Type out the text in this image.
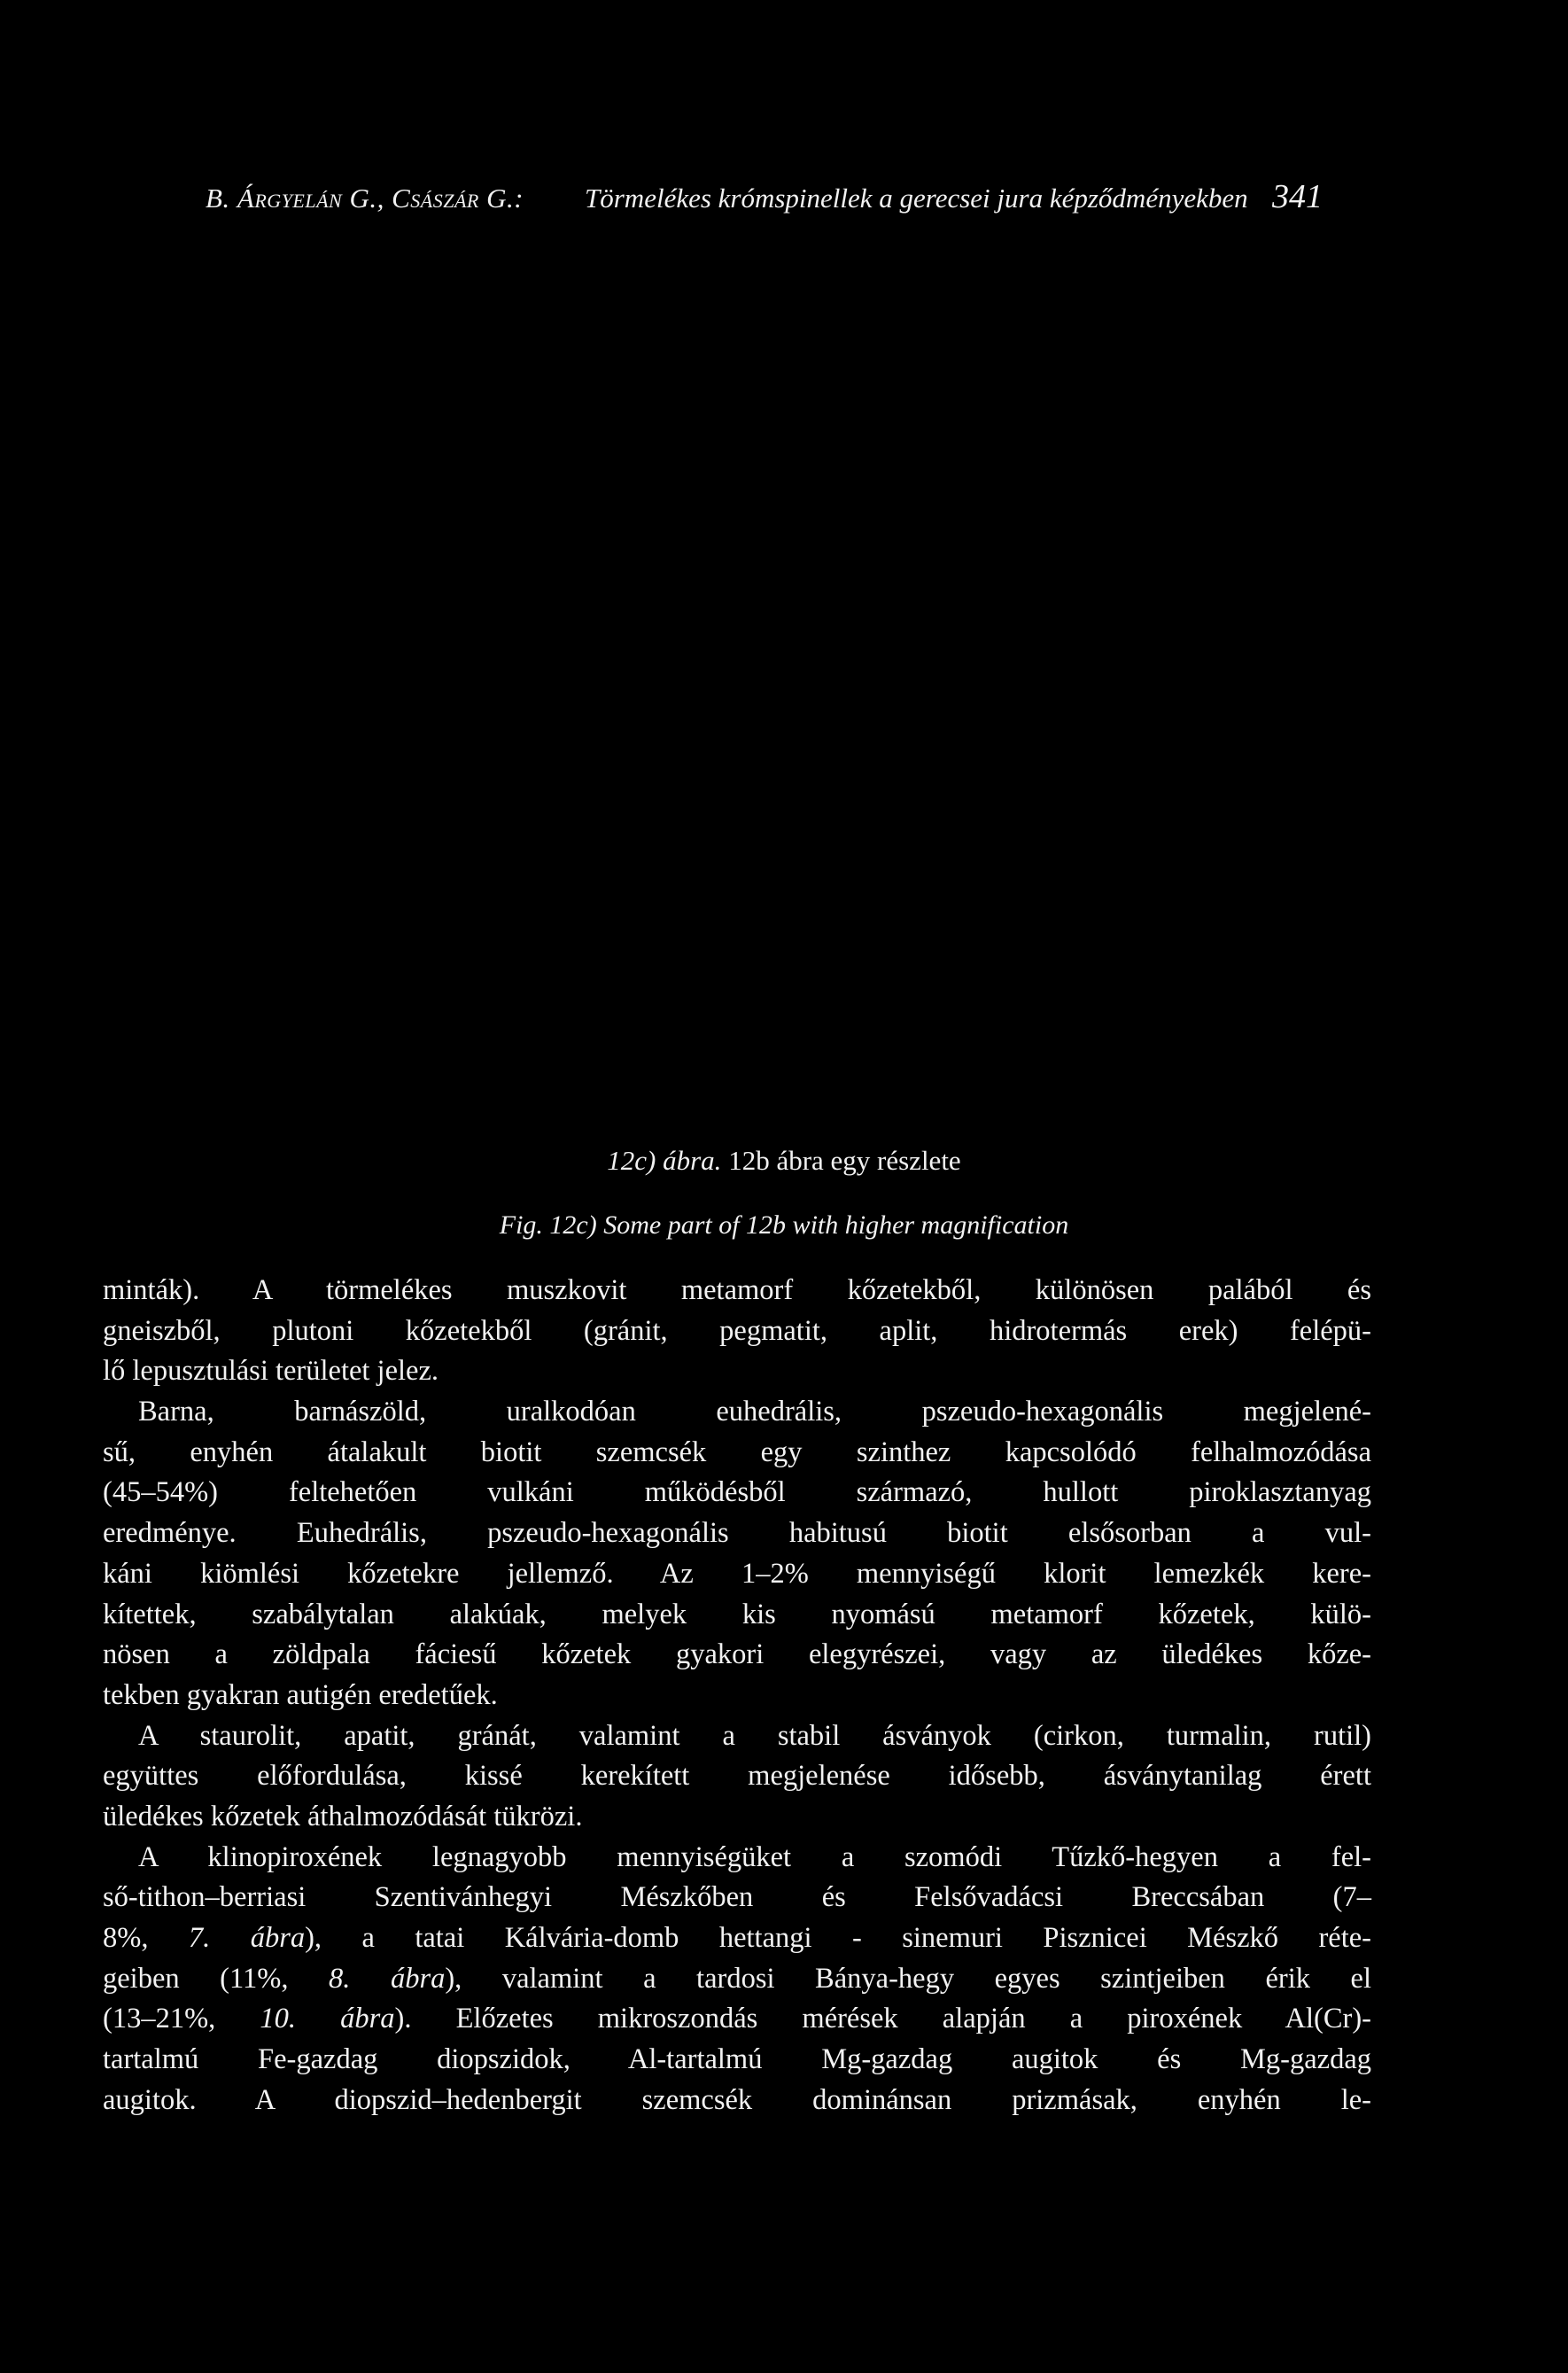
B. Árgyelán G., Császár G.: Törmelékes krómspinellek a gerecsei jura képződményekben 341
12c) ábra. 12b ábra egy részlete
Fig. 12c) Some part of 12b with higher magnification
minták). A törmelékes muszkovit metamorf kőzetekből, különösen palából és
gneiszből, plutoni kőzetekből (gránit, pegmatit, aplit, hidrotermás erek) felépü-
lő lepusztulási területet jelez.
Barna, barnászöld, uralkodóan euhedrális, pszeudo-hexagonális megjelené-
sű, enyhén átalakult biotit szemcsék egy szinthez kapcsolódó felhalmozódása
(45–54%) feltehetően vulkáni működésből származó, hullott piroklasztanyag
eredménye. Euhedrális, pszeudo-hexagonális habitusú biotit elsősorban a vul-
káni kiömlési kőzetekre jellemző. Az 1–2% mennyiségű klorit lemezkék kere-
kítettek, szabálytalan alakúak, melyek kis nyomású metamorf kőzetek, külö-
nösen a zöldpala fáciesű kőzetek gyakori elegyrészei, vagy az üledékes kőze-
tekben gyakran autigén eredetűek.
A staurolit, apatit, gránát, valamint a stabil ásványok (cirkon, turmalin, rutil)
együttes előfordulása, kissé kerekített megjelenése idősebb, ásványtanilag érett
üledékes kőzetek áthalmozódását tükrözi.
A klinopiroxének legnagyobb mennyiségüket a szomódi Tűzkő-hegyen a fel-
ső-tithon–berriasi Szentivánhegyi Mészkőben és Felsővadácsi Breccsában (7–
8%, 7. ábra), a tatai Kálvária-domb hettangi - sinemuri Pisznicei Mészkő réte-
geiben (11%, 8. ábra), valamint a tardosi Bánya-hegy egyes szintjeiben érik el
(13–21%, 10. ábra). Előzetes mikroszondás mérések alapján a piroxének Al(Cr)-
tartalmú Fe-gazdag diopszidok, Al-tartalmú Mg-gazdag augitok és Mg-gazdag
augitok. A diopszid–hedenbergit szemcsék dominánsan prizmásak, enyhén le-
